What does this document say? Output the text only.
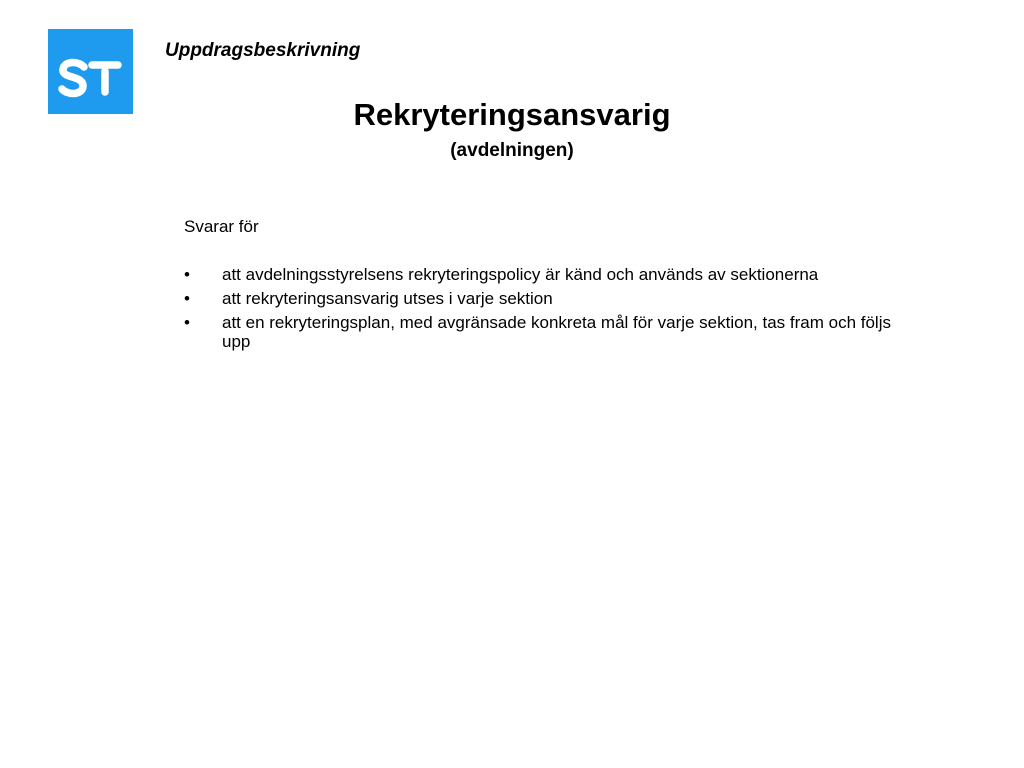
Uppdragsbeskrivning
Rekryteringsansvarig
(avdelningen)
Svarar för
• att avdelningsstyrelsens rekryteringspolicy är känd och används av sektionerna
• att rekryteringsansvarig utses i varje sektion
• att en rekryteringsplan, med avgränsade konkreta mål för varje sektion, tas fram och följs upp
